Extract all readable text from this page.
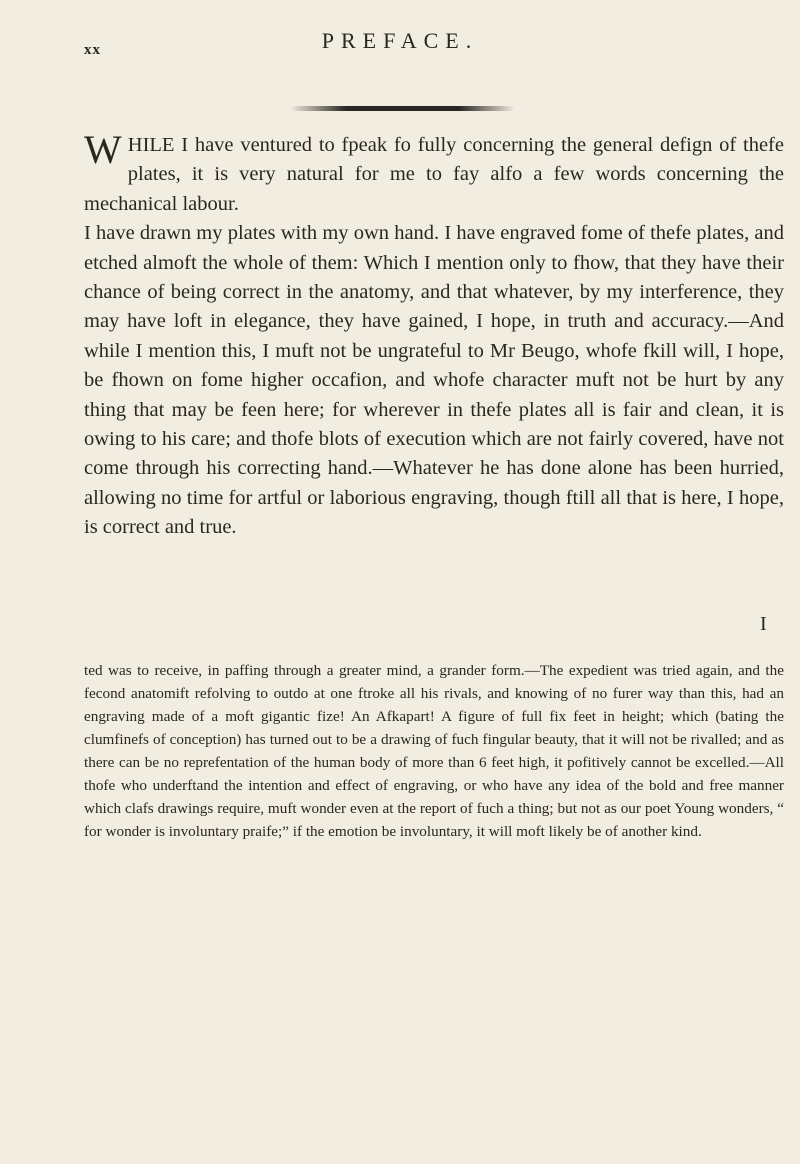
xx	PREFACE.

WHILE I have ventured to fpeak fo fully concerning the general defign of thefe plates, it is very natural for me to fay alfo a few words concerning the mechanical labour.

I have drawn my plates with my own hand. I have engraved fome of thefe plates, and etched almoft the whole of them: Which I mention only to fhow, that they have their chance of being correct in the anatomy, and that whatever, by my interference, they may have loft in elegance, they have gained, I hope, in truth and accuracy.—And while I mention this, I muft not be ungrateful to Mr Beugo, whofe fkill will, I hope, be fhown on fome higher occafion, and whofe character muft not be hurt by any thing that may be feen here; for wherever in thefe plates all is fair and clean, it is owing to his care; and thofe blots of execution which are not fairly covered, have not come through his correcting hand.—Whatever he has done alone has been hurried, allowing no time for artful or laborious engraving, though ftill all that is here, I hope, is correct and true.

I

ted was to receive, in paffing through a greater mind, a grander form.—The expedient was tried again, and the fecond anatomift refolving to outdo at one ftroke all his rivals, and knowing of no furer way than this, had an engraving made of a moft gigantic fize! An Afkapart! A figure of full fix feet in height; which (bating the clumfinefs of conception) has turned out to be a drawing of fuch fingular beauty, that it will not be rivalled; and as there can be no reprefentation of the human body of more than 6 feet high, it pofitively cannot be excelled.—All thofe who underftand the intention and effect of engraving, or who have any idea of the bold and free manner which clafs drawings require, muft wonder even at the report of fuch a thing; but not as our poet Young wonders, “ for wonder is involuntary praife;” if the emotion be involuntary, it will moft likely be of another kind.
